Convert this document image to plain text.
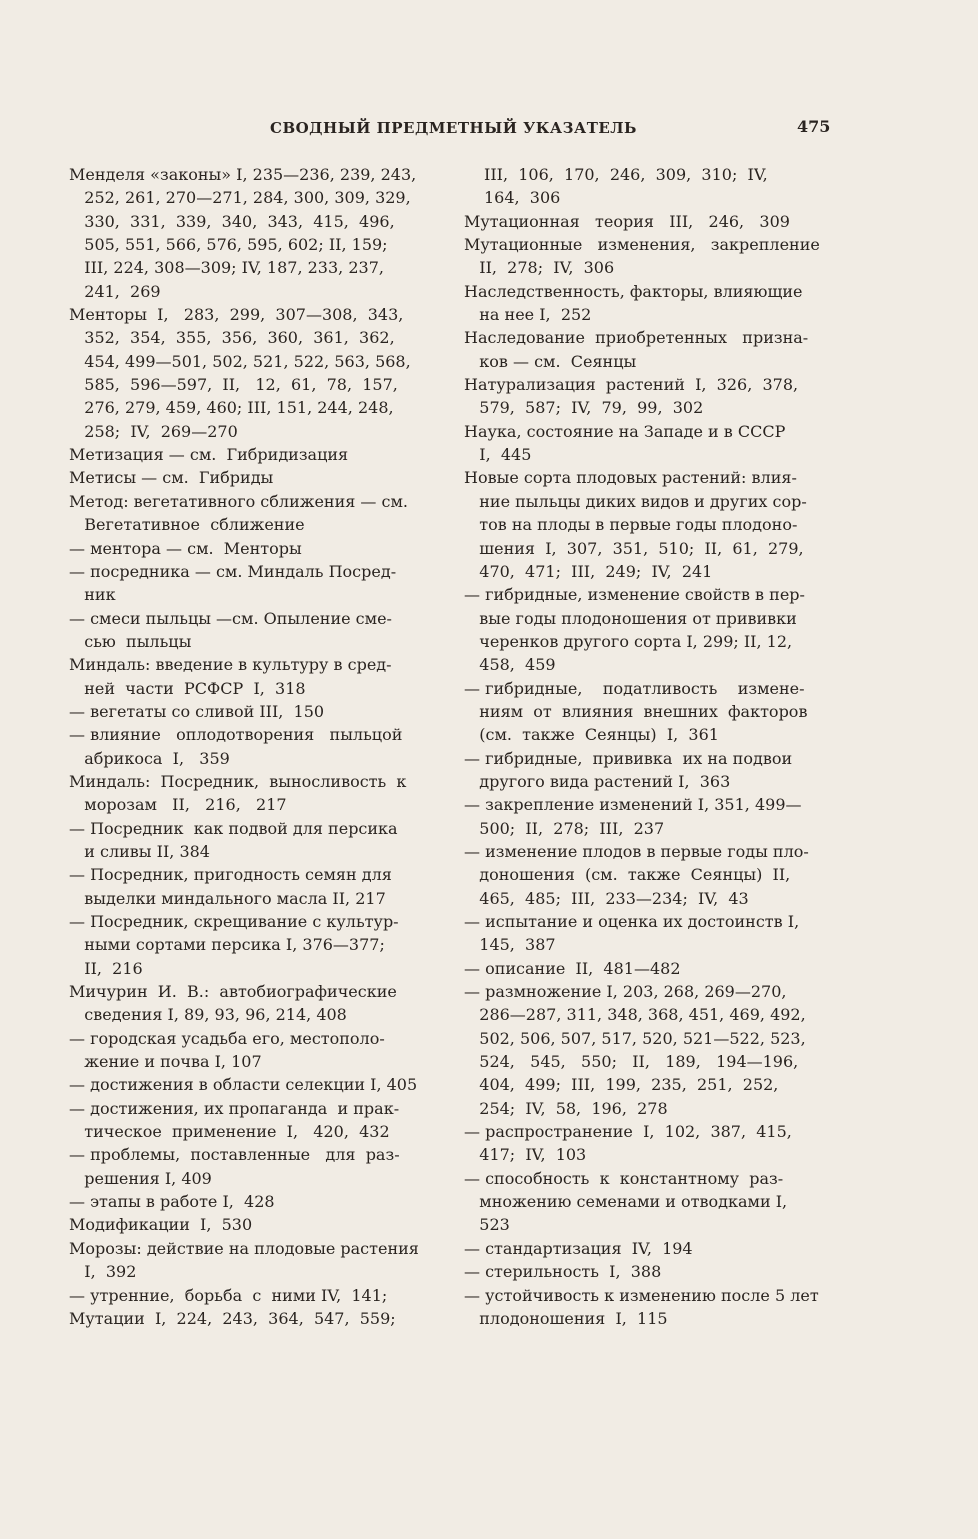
СВОДНЫЙ ПРЕДМЕТНЫЙ УКАЗАТЕЛЬ	475
Менделя «законы» I, 235—236, 239, 243,
252, 261, 270—271, 284, 300, 309, 329,
330,  331,  339,  340,  343,  415,  496,
505, 551, 566, 576, 595, 602; II, 159;
III, 224, 308—309; IV, 187, 233, 237,
241,  269
Менторы  I,   283,  299,  307—308,  343,
352,  354,  355,  356,  360,  361,  362,
454, 499—501, 502, 521, 522, 563, 568,
585,  596—597,  II,   12,  61,  78,  157,
276, 279, 459, 460; III, 151, 244, 248,
258;  IV,  269—270
Метизация — см.  Гибридизация
Метисы — см.  Гибриды
Метод: вегетативного сближения — см.
Вегетативное  сближение
— ментора — см.  Менторы
— посредника — см. Миндаль Посред-
ник
— смеси пыльцы —см. Опыление сме-
сью  пыльцы
Миндаль: введение в культуру в сред-
ней  части  РСФСР  I,  318
— вегетаты со сливой III,  150
— влияние   оплодотворения   пыльцой
абрикоса  I,   359
Миндаль:  Посредник,  выносливость  к
морозам   II,   216,   217
— Посредник  как подвой для персика
и сливы II, 384
— Посредник, пригодность семян для
выделки миндального масла II, 217
— Посредник, скрещивание с культур-
ными сортами персика I, 376—377;
II,  216
Мичурин  И.  В.:  автобиографические
сведения I, 89, 93, 96, 214, 408
— городская усадьба его, местополо-
жение и почва I, 107
— достижения в области селекции I, 405
— достижения, их пропаганда  и прак-
тическое  применение  I,   420,  432
— проблемы,  поставленные   для  раз-
решения I, 409
— этапы в работе I,  428
Модификации  I,  530
Морозы: действие на плодовые растения
I,  392
— утренние,  борьба  с  ними IV,  141;
Мутации  I,  224,  243,  364,  547,  559;
III,  106,  170,  246,  309,  310;  IV,
164,  306
Мутационная   теория   III,   246,   309
Мутационные   изменения,   закрепление
II,  278;  IV,  306
Наследственность, факторы, влияющие
на нее I,  252
Наследование  приобретенных   призна-
ков — см.  Сеянцы
Натурализация  растений  I,  326,  378,
579,  587;  IV,  79,  99,  302
Наука, состояние на Западе и в СССР
I,  445
Новые сорта плодовых растений: влия-
ние пыльцы диких видов и других сор-
тов на плоды в первые годы плодоно-
шения  I,  307,  351,  510;  II,  61,  279,
470,  471;  III,  249;  IV,  241
— гибридные, изменение свойств в пер-
вые годы плодоношения от прививки
черенков другого сорта I, 299; II, 12,
458,  459
— гибридные,    податливость    измене-
ниям  от  влияния  внешних  факторов
(см.  также  Сеянцы)  I,  361
— гибридные,  прививка  их на подвои
другого вида растений I,  363
— закрепление изменений I, 351, 499—
500;  II,  278;  III,  237
— изменение плодов в первые годы пло-
доношения  (см.  также  Сеянцы)  II,
465,  485;  III,  233—234;  IV,  43
— испытание и оценка их достоинств I,
145,  387
— описание  II,  481—482
— размножение I, 203, 268, 269—270,
286—287, 311, 348, 368, 451, 469, 492,
502, 506, 507, 517, 520, 521—522, 523,
524,   545,   550;   II,   189,   194—196,
404,  499;  III,  199,  235,  251,  252,
254;  IV,  58,  196,  278
— распространение  I,  102,  387,  415,
417;  IV,  103
— способность  к  константному  раз-
множению семенами и отводками I,
523
— стандартизация  IV,  194
— стерильность  I,  388
— устойчивость к изменению после 5 лет
плодоношения  I,  115
